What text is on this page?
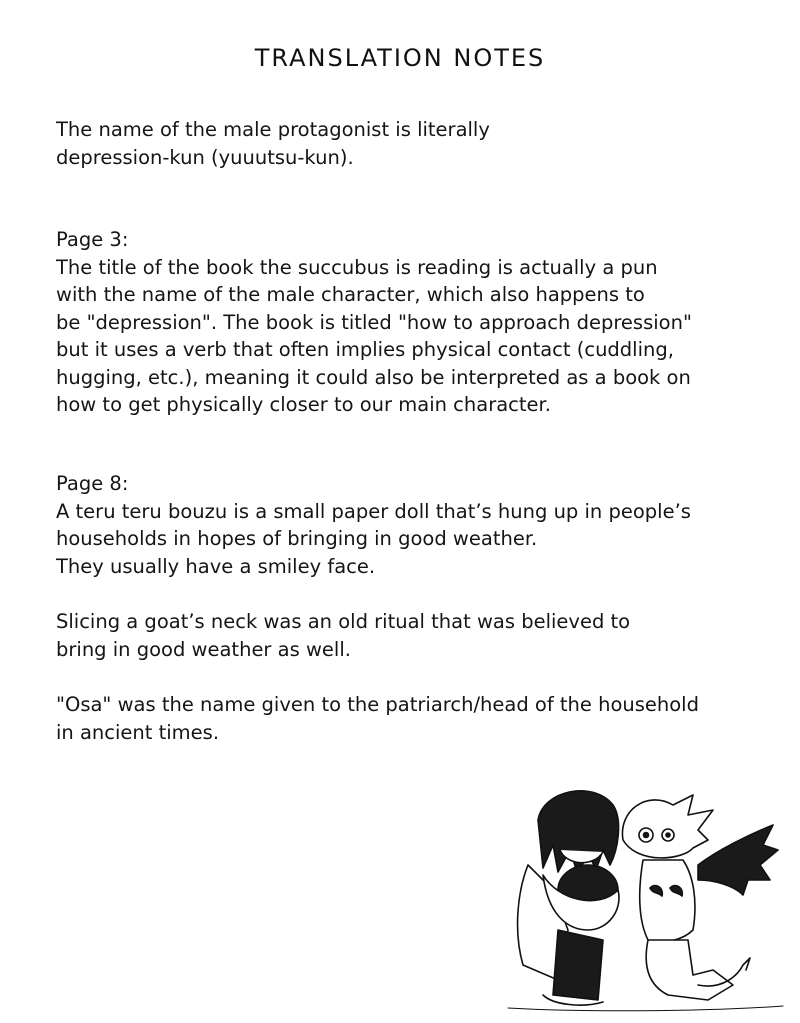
TRANSLATION NOTES
The name of the male protagonist is literally
depression-kun (yuuutsu-kun).
Page 3:
The title of the book the succubus is reading is actually a pun
with the name of the male character, which also happens to
be "depression". The book is titled "how to approach depression"
but it uses a verb that often implies physical contact (cuddling,
hugging, etc.), meaning it could also be interpreted as a book on
how to get physically closer to our main character.
Page 8:
A teru teru bouzu is a small paper doll that’s hung up in people’s
households in hopes of bringing in good weather.
They usually have a smiley face.
Slicing a goat’s neck was an old ritual that was believed to
bring in good weather as well.
"Osa" was the name given to the patriarch/head of the household
in ancient times.
